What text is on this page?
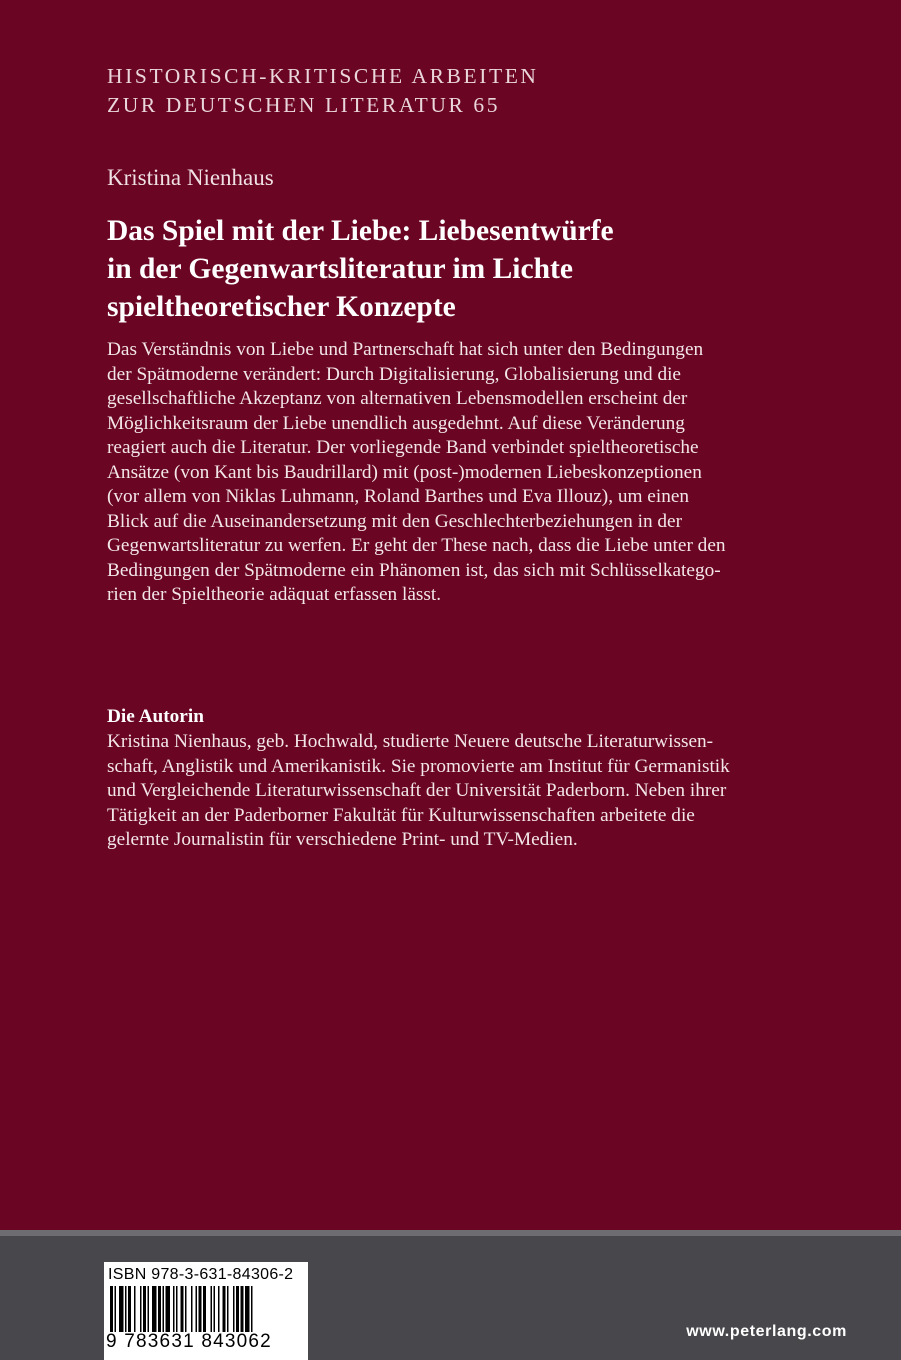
HISTORISCH-KRITISCHE ARBEITEN
ZUR DEUTSCHEN LITERATUR 65
Kristina Nienhaus
Das Spiel mit der Liebe: Liebesentwürfe
in der Gegenwartsliteratur im Lichte
spieltheoretischer Konzepte
Das Verständnis von Liebe und Partnerschaft hat sich unter den Bedingungen
der Spätmoderne verändert: Durch Digitalisierung, Globalisierung und die
gesellschaftliche Akzeptanz von alternativen Lebensmodellen erscheint der
Möglichkeitsraum der Liebe unendlich ausgedehnt. Auf diese Veränderung
reagiert auch die Literatur. Der vorliegende Band verbindet spieltheoretische
Ansätze (von Kant bis Baudrillard) mit (post-)modernen Liebeskonzeptionen
(vor allem von Niklas Luhmann, Roland Barthes und Eva Illouz), um einen
Blick auf die Auseinandersetzung mit den Geschlechterbeziehungen in der
Gegenwartsliteratur zu werfen. Er geht der These nach, dass die Liebe unter den
Bedingungen der Spätmoderne ein Phänomen ist, das sich mit Schlüsselkatego-
rien der Spieltheorie adäquat erfassen lässt.
Die Autorin
Kristina Nienhaus, geb. Hochwald, studierte Neuere deutsche Literaturwissen-
schaft, Anglistik und Amerikanistik. Sie promovierte am Institut für Germanistik
und Vergleichende Literaturwissenschaft der Universität Paderborn. Neben ihrer
Tätigkeit an der Paderborner Fakultät für Kulturwissenschaften arbeitete die
gelernte Journalistin für verschiedene Print- und TV-Medien.
ISBN 978-3-631-84306-2
9 783631 843062	www.peterlang.com
